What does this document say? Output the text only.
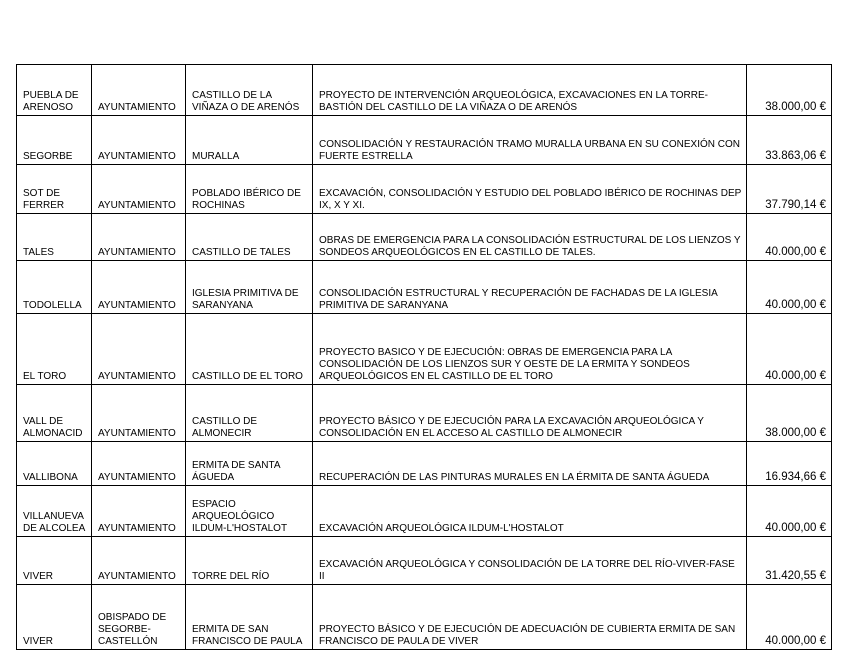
PUEBLA DE ARENOSO	AYUNTAMIENTO	CASTILLO DE LA VIÑAZA O DE ARENÓS	PROYECTO DE INTERVENCIÓN ARQUEOLÓGICA, EXCAVACIONES EN LA TORRE-BASTIÓN DEL CASTILLO DE LA VIÑAZA O DE ARENÓS	38.000,00 €
SEGORBE	AYUNTAMIENTO	MURALLA	CONSOLIDACIÓN Y RESTAURACIÓN TRAMO MURALLA URBANA EN SU CONEXIÓN CON FUERTE ESTRELLA	33.863,06 €
SOT DE FERRER	AYUNTAMIENTO	POBLADO IBÉRICO DE ROCHINAS	EXCAVACIÓN, CONSOLIDACIÓN Y ESTUDIO DEL POBLADO IBÉRICO DE ROCHINAS DEP IX, X Y XI.	37.790,14 €
TALES	AYUNTAMIENTO	CASTILLO DE TALES	OBRAS DE EMERGENCIA PARA LA CONSOLIDACIÓN ESTRUCTURAL DE LOS LIENZOS Y SONDEOS ARQUEOLÓGICOS EN EL CASTILLO DE TALES.	40.000,00 €
TODOLELLA	AYUNTAMIENTO	IGLESIA PRIMITIVA DE SARANYANA	CONSOLIDACIÓN ESTRUCTURAL Y RECUPERACIÓN DE FACHADAS DE LA IGLESIA PRIMITIVA DE SARANYANA	40.000,00 €
EL TORO	AYUNTAMIENTO	CASTILLO DE EL TORO	PROYECTO BASICO Y DE EJECUCIÓN: OBRAS DE EMERGENCIA PARA LA CONSOLIDACIÓN DE LOS LIENZOS SUR Y OESTE DE LA ERMITA Y SONDEOS ARQUEOLÓGICOS EN EL CASTILLO DE EL TORO	40.000,00 €
VALL DE ALMONACID	AYUNTAMIENTO	CASTILLO DE ALMONECIR	PROYECTO BÁSICO Y DE EJECUCIÓN PARA LA EXCAVACIÓN ARQUEOLÓGICA Y CONSOLIDACIÓN EN EL ACCESO AL CASTILLO DE ALMONECIR	38.000,00 €
VALLIBONA	AYUNTAMIENTO	ERMITA DE SANTA ÁGUEDA	RECUPERACIÓN DE LAS PINTURAS MURALES EN LA ÉRMITA DE SANTA ÁGUEDA	16.934,66 €
VILLANUEVA DE ALCOLEA	AYUNTAMIENTO	ESPACIO ARQUEOLÓGICO ILDUM-L'HOSTALOT	EXCAVACIÓN ARQUEOLÓGICA ILDUM-L'HOSTALOT	40.000,00 €
VIVER	AYUNTAMIENTO	TORRE DEL RÍO	EXCAVACIÓN ARQUEOLÓGICA Y CONSOLIDACIÓN DE LA TORRE DEL RÍO-VIVER-FASE II	31.420,55 €
VIVER	OBISPADO DE SEGORBE-CASTELLÓN	ERMITA DE SAN FRANCISCO DE PAULA	PROYECTO BÁSICO Y DE EJECUCIÓN DE ADECUACIÓN DE CUBIERTA ERMITA DE SAN FRANCISCO DE PAULA DE VIVER	40.000,00 €
